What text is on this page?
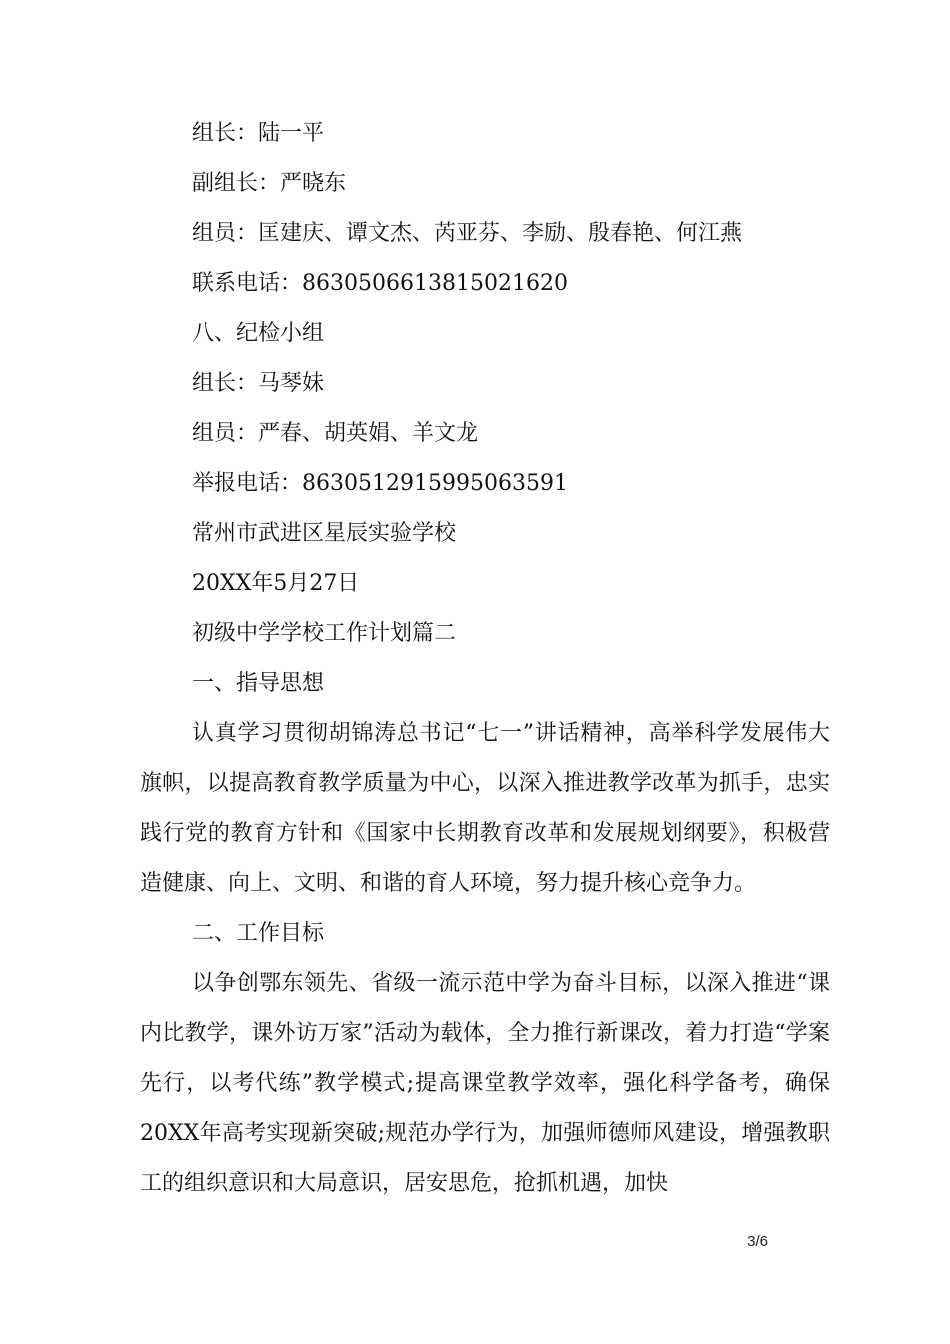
组长：陆一平
副组长：严晓东
组员：匡建庆、谭文杰、芮亚芬、李励、殷春艳、何江燕
联系电话：8630506613815021620
八、纪检小组
组长：马琴妹
组员：严春、胡英娟、羊文龙
举报电话：8630512915995063591
常州市武进区星辰实验学校
20XX年5月27日
初级中学学校工作计划篇二
一、指导思想
认真学习贯彻胡锦涛总书记“七一”讲话精神，高举科学发展伟大旗帜，以提高教育教学质量为中心，以深入推进教学改革为抓手，忠实践行党的教育方针和《国家中长期教育改革和发展规划纲要》，积极营造健康、向上、文明、和谐的育人环境，努力提升核心竞争力。
二、工作目标
以争创鄂东领先、省级一流示范中学为奋斗目标，以深入推进“课内比教学，课外访万家”活动为载体，全力推行新课改，着力打造“学案先行，以考代练”教学模式;提高课堂教学效率，强化科学备考，确保20XX年高考实现新突破;规范办学行为，加强师德师风建设，增强教职工的组织意识和大局意识，居安思危，抢抓机遇，加快
3/6
